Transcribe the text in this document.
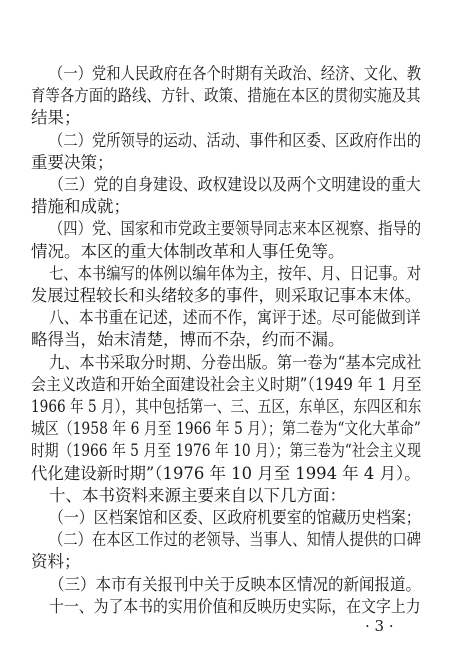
（一）党和人民政府在各个时期有关政治、经济、文化、教
育等各方面的路线、方针、政策、措施在本区的贯彻实施及其
结果；
（二）党所领导的运动、活动、事件和区委、区政府作出的
重要决策；
（三）党的自身建设、政权建设以及两个文明建设的重大
措施和成就；
（四）党、国家和市党政主要领导同志来本区视察、指导的
情况。本区的重大体制改革和人事任免等。
七、本书编写的体例以编年体为主，按年、月、日记事。对
发展过程较长和头绪较多的事件，则采取记事本末体。
八、本书重在记述，述而不作，寓评于述。尽可能做到详
略得当，始末清楚，博而不杂，约而不漏。
九、本书采取分时期、分卷出版。第一卷为“基本完成社
会主义改造和开始全面建设社会主义时期”（1949 年 1 月至
1966 年 5 月），其中包括第一、三、五区，东单区，东四区和东
城区（1958 年 6 月至 1966 年 5 月）；第二卷为“文化大革命”
时期（1966 年 5 月至 1976 年 10 月）；第三卷为“社会主义现
代化建设新时期”（1976 年 10 月至 1994 年 4 月）。
十、本书资料来源主要来自以下几方面：
（一）区档案馆和区委、区政府机要室的馆藏历史档案；
（二）在本区工作过的老领导、当事人、知情人提供的口碑
资料；
（三）本市有关报刊中关于反映本区情况的新闻报道。
十一、为了本书的实用价值和反映历史实际，在文字上力
· 3 ·
